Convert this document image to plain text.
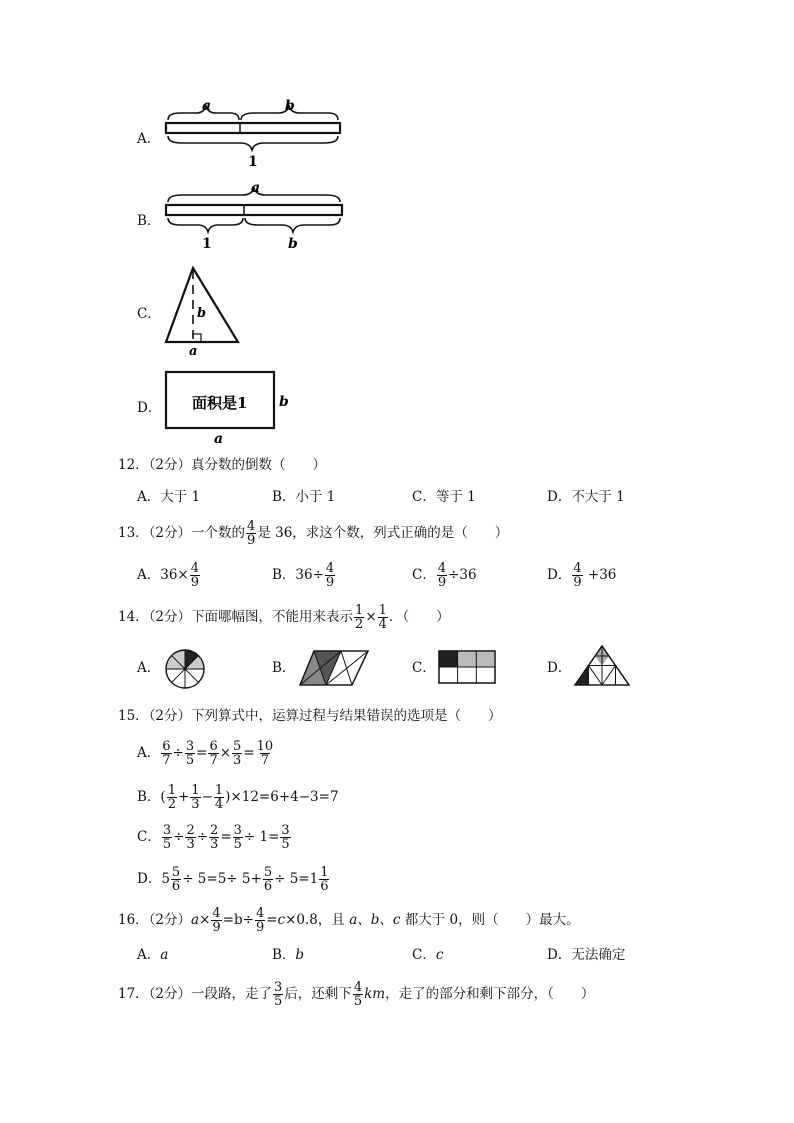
A．
a	b
1
B．
a
1	b
C．	b
a
D． 面积是1 b
a
12．（2分）真分数的倒数（　　）
A．大于 1	B．小于 1	C．等于 1	D．不大于 1
13．（2分）一个数的 $\frac{4}{9}$ 是 36，求这个数，列式正确的是（　　）
A．$36\times \frac{4}{9}$	B．$36\div \frac{4}{9}$	C． $\frac{4}{9} \div 36$	D． $\frac{4}{9} +36$
14．（2分）下面哪幅图，不能用来表示 $\frac{1}{2} \times \frac{1}{4}$ ．（　　）
A．	B．	C．	D．
15．（2分）下列算式中，运算过程与结果错误的选项是（　　）
A． $\frac{6}{7} \div \frac{3}{5} = \frac{6}{7} \times \frac{5}{3} = \frac{10}{7}$
B．( $\frac{1}{2} + \frac{1}{3} - \frac{1}{4} )\times 12=6+4-3=7$
C． $\frac{3}{5} \div \frac{2}{3} \div \frac{2}{3} = \frac{3}{5} \div 1= \frac{3}{5}$
D．$5 \frac{5}{6} \div 5=5\div 5+ \frac{5}{6} \div 5=1 \frac{1}{6}$
16．（2分）$a\times \frac{4}{9} =b\div \frac{4}{9} =c\times 0.8$，且 a、b、c 都大于 0，则（　　）最大。
A．a	B．b	C．c	D．无法确定
17．（2分）一段路，走了 $\frac{3}{5}$ 后，还剩下 $\frac{4}{5}$ km，走了的部分和剩下部分，（　　）
